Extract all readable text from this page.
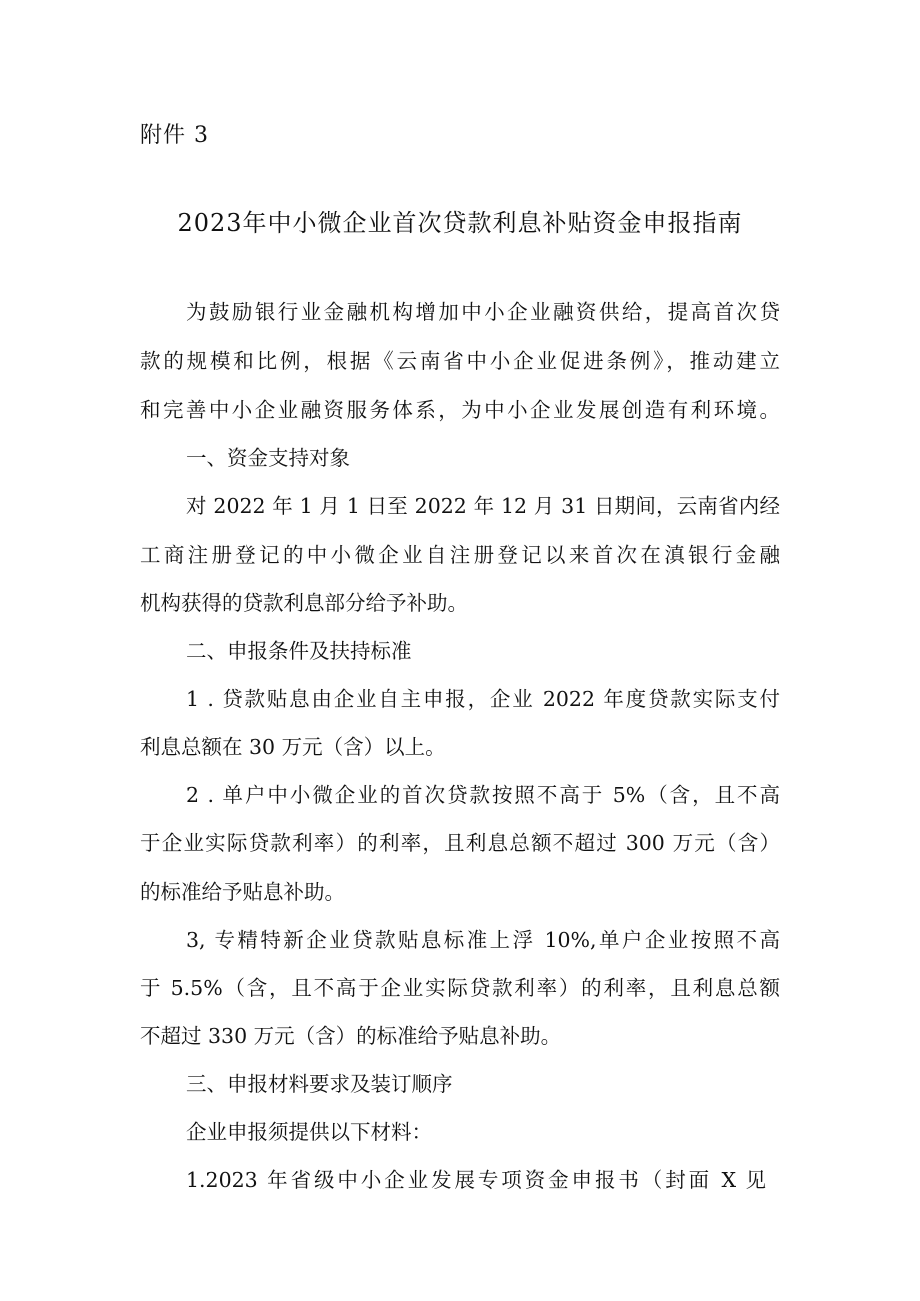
附件 3
2023年中小微企业首次贷款利息补贴资金申报指南
为鼓励银行业金融机构增加中小企业融资供给，提高首次贷
款的规模和比例，根据《云南省中小企业促进条例》，推动建立
和完善中小企业融资服务体系，为中小企业发展创造有利环境。
一、资金支持对象
对 2022 年 1 月 1 日至 2022 年 12 月 31 日期间，云南省内经
工商注册登记的中小微企业自注册登记以来首次在滇银行金融
机构获得的贷款利息部分给予补助。
二、申报条件及扶持标准
1 . 贷款贴息由企业自主申报，企业 2022 年度贷款实际支付
利息总额在 30 万元（含）以上。
2 . 单户中小微企业的首次贷款按照不高于 5%（含，且不高
于企业实际贷款利率）的利率，且利息总额不超过 300 万元（含）
的标准给予贴息补助。
3, 专精特新企业贷款贴息标准上浮 10%,单户企业按照不高
于 5.5%（含，且不高于企业实际贷款利率）的利率，且利息总额
不超过 330 万元（含）的标准给予贴息补助。
三、申报材料要求及装订顺序
企业申报须提供以下材料：
1.2023 年省级中小企业发展专项资金申报书（封面 X 见
